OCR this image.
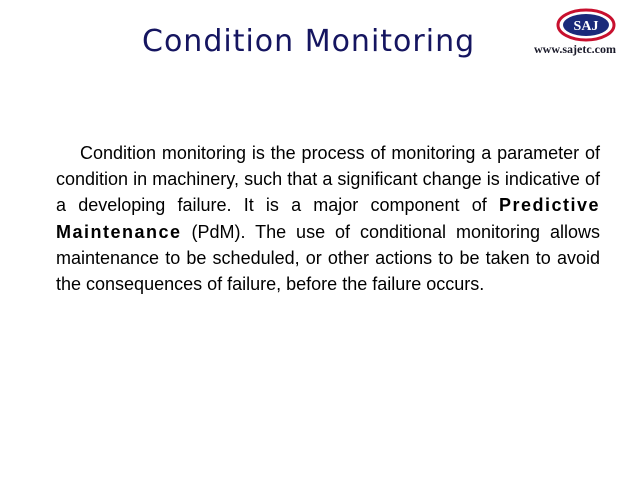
Condition Monitoring	SAJ
www.sajetc.com
Condition monitoring is the process of monitoring a parameter of condition in machinery, such that a significant change is indicative of a developing failure. It is a major component of Predictive Maintenance (PdM). The use of conditional monitoring allows maintenance to be scheduled, or other actions to be taken to avoid the consequences of failure, before the failure occurs.
